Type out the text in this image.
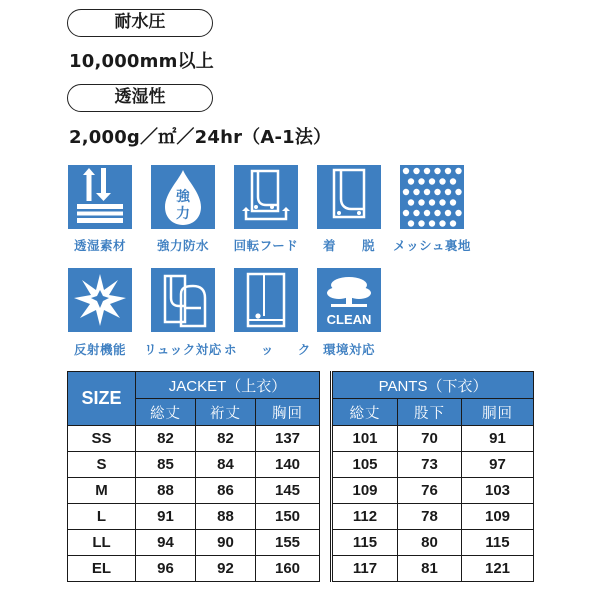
耐水圧
10,000mm以上
透湿性
2,000g／㎡／24hr（A-1法）
強
力
透湿素材	強力防水	回転フード	着　　脱	メッシュ裏地
CLEAN
反射機能	リュック対応 ホ ッ ク 環境対応
SIZE	JACKET（上衣）				PANTS（下衣）		
	総丈	裄丈	胸回		総丈	股下	胴回
SS	82	82	137		101	70	91
S	85	84	140		105	73	97
M	88	86	145		109	76	103
L	91	88	150		112	78	109
LL	94	90	155		115	80	115
EL	96	92	160		117	81	121
